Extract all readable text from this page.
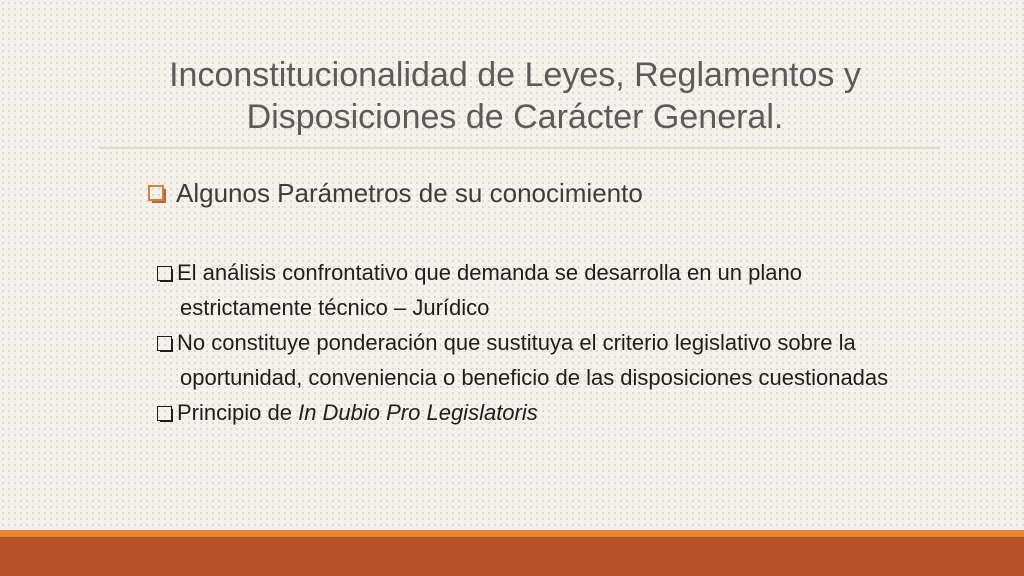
Inconstitucionalidad de Leyes, Reglamentos y
Disposiciones de Carácter General.
Algunos Parámetros de su conocimiento
El análisis confrontativo que demanda se desarrolla en un plano estrictamente técnico – Jurídico
No constituye ponderación que sustituya el criterio legislativo sobre la oportunidad, conveniencia o beneficio de las disposiciones cuestionadas
Principio de In Dubio Pro Legislatoris
